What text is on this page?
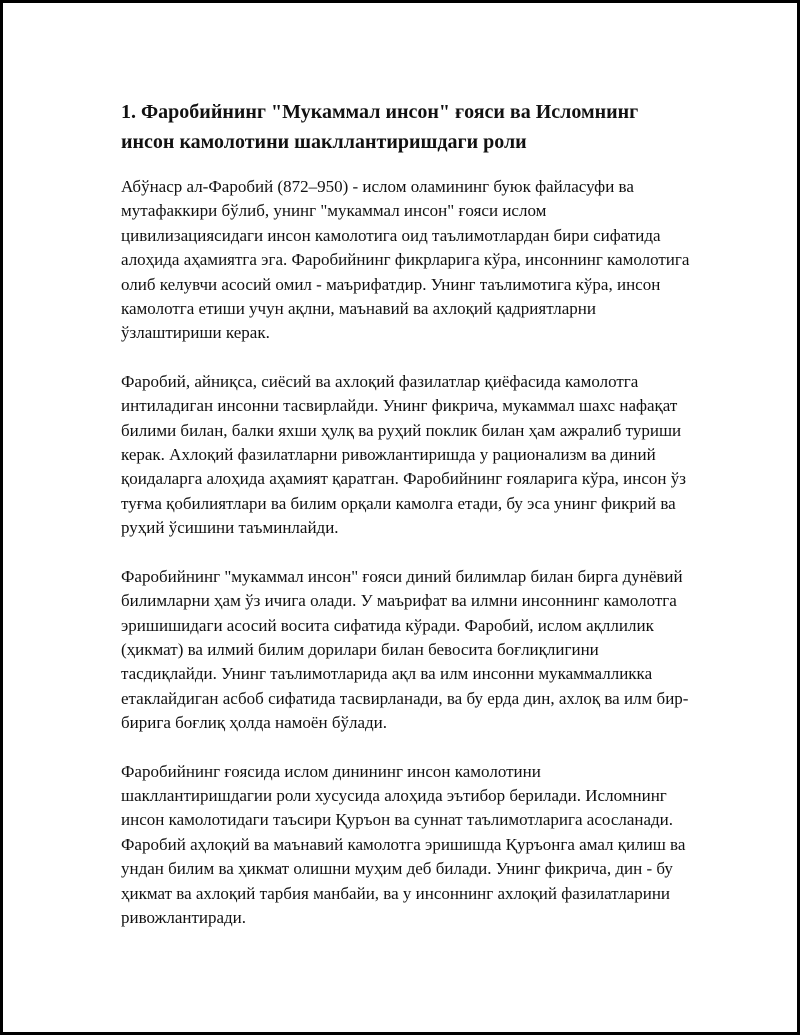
1. Фаробийнинг "Мукаммал инсон" ғояси ва Исломнинг инсон камолотини шакллантиришдаги роли

Абўнаср ал-Фаробий (872–950) - ислом оламининг буюк файласуфи ва мутафаккири бўлиб, унинг "мукаммал инсон" ғояси ислом цивилизациясидаги инсон камолотига оид таълимотлардан бири сифатида алоҳида аҳамиятга эга. Фаробийнинг фикрларига кўра, инсоннинг камолотига олиб келувчи асосий омил - маърифатдир. Унинг таълимотига кўра, инсон камолотга етиши учун ақлни, маънавий ва ахлоқий қадриятларни ўзлаштириши керак.

Фаробий, айниқса, сиёсий ва ахлоқий фазилатлар қиёфасида камолотга интиладиган инсонни тасвирлайди. Унинг фикрича, мукаммал шахс нафақат билими билан, балки яхши ҳулқ ва руҳий поклик билан ҳам ажралиб туриши керак. Ахлоқий фазилатларни ривожлантиришда у рационализм ва диний қоидаларга алоҳида аҳамият қаратган. Фаробийнинг ғояларига кўра, инсон ўз туғма қобилиятлари ва билим орқали камолга етади, бу эса унинг фикрий ва руҳий ўсишини таъминлайди.

Фаробийнинг "мукаммал инсон" ғояси диний билимлар билан бирга дунёвий билимларни ҳам ўз ичига олади. У маърифат ва илмни инсоннинг камолотга эришишидаги асосий восита сифатида кўради. Фаробий, ислом ақллилик (ҳикмат) ва илмий билим дорилари билан бевосита боғлиқлигини тасдиқлайди. Унинг таълимотларида ақл ва илм инсонни мукаммалликка етаклайдиган асбоб сифатида тасвирланади, ва бу ерда дин, ахлоқ ва илм бир-бирига боғлиқ ҳолда намоён бўлади.

Фаробийнинг ғоясида ислом динининг инсон камолотини шакллантиришдагии роли хусусида алоҳида эътибор берилади. Исломнинг инсон камолотидаги таъсири Қуръон ва суннат таълимотларига асосланади. Фаробий аҳлоқий ва маънавий камолотга эришишда Қуръонга амал қилиш ва ундан билим ва ҳикмат олишни муҳим деб билади. Унинг фикрича, дин - бу ҳикмат ва ахлоқий тарбия манбайи, ва у инсоннинг ахлоқий фазилатларини ривожлантиради.
